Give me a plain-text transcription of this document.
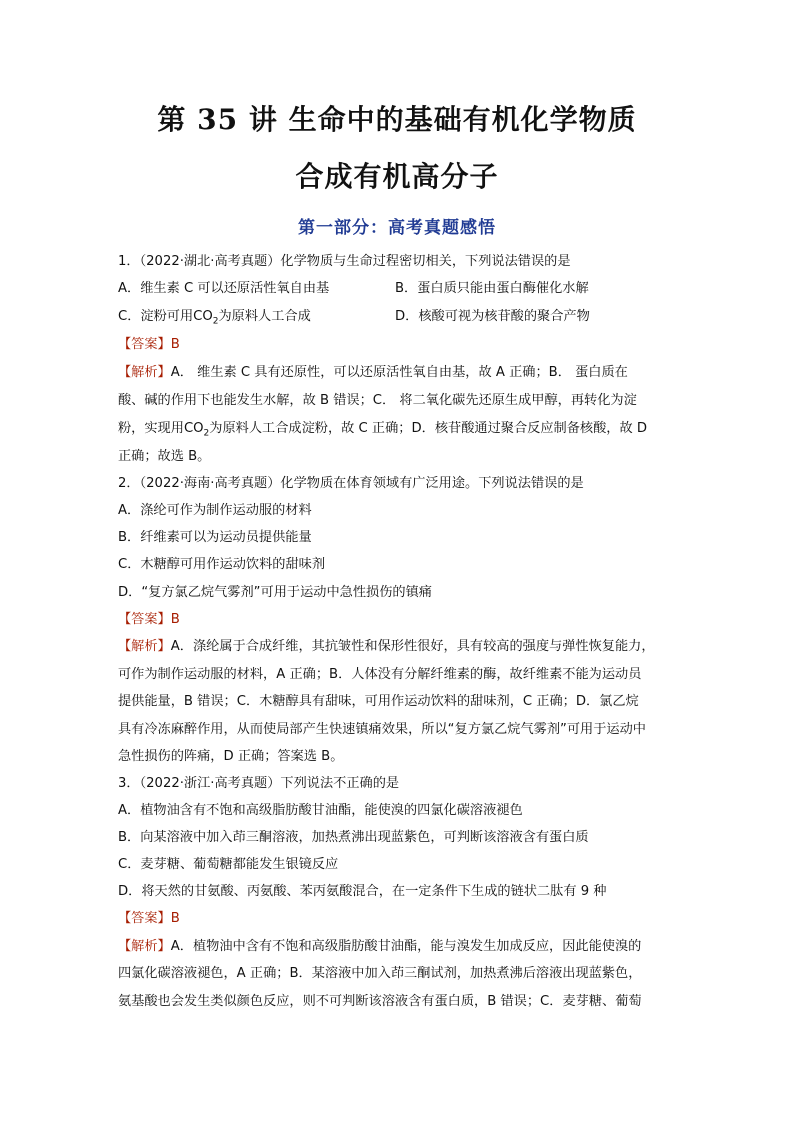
第 35 讲 生命中的基础有机化学物质
合成有机高分子
第一部分：高考真题感悟
1．（2022·湖北·高考真题）化学物质与生命过程密切相关，下列说法错误的是
A．维生素 C 可以还原活性氧自由基	B．蛋白质只能由蛋白酶催化水解
C．淀粉可用$CO_2$为原料人工合成	D．核酸可视为核苷酸的聚合产物
【答案】B
【解析】A． 维生素 C 具有还原性，可以还原活性氧自由基，故 A 正确；B． 蛋白质在
酸、碱的作用下也能发生水解，故 B 错误；C． 将二氧化碳先还原生成甲醇，再转化为淀
粉，实现用$CO_2$为原料人工合成淀粉，故 C 正确；D．核苷酸通过聚合反应制备核酸，故 D
正确；故选 B。
2．（2022·海南·高考真题）化学物质在体育领域有广泛用途。下列说法错误的是
A．涤纶可作为制作运动服的材料
B．纤维素可以为运动员提供能量
C．木糖醇可用作运动饮料的甜味剂
D．“复方氯乙烷气雾剂”可用于运动中急性损伤的镇痛
【答案】B
【解析】A．涤纶属于合成纤维，其抗皱性和保形性很好，具有较高的强度与弹性恢复能力，
可作为制作运动服的材料，A 正确；B．人体没有分解纤维素的酶，故纤维素不能为运动员
提供能量，B 错误；C．木糖醇具有甜味，可用作运动饮料的甜味剂，C 正确；D．氯乙烷
具有冷冻麻醉作用，从而使局部产生快速镇痛效果，所以“复方氯乙烷气雾剂”可用于运动中
急性损伤的阵痛，D 正确；答案选 B。
3．（2022·浙江·高考真题）下列说法不正确的是
A．植物油含有不饱和高级脂肪酸甘油酯，能使溴的四氯化碳溶液褪色
B．向某溶液中加入茚三酮溶液，加热煮沸出现蓝紫色，可判断该溶液含有蛋白质
C．麦芽糖、葡萄糖都能发生银镜反应
D．将天然的甘氨酸、丙氨酸、苯丙氨酸混合，在一定条件下生成的链状二肽有 9 种
【答案】B
【解析】A．植物油中含有不饱和高级脂肪酸甘油酯，能与溴发生加成反应，因此能使溴的
四氯化碳溶液褪色，A 正确；B．某溶液中加入茚三酮试剂，加热煮沸后溶液出现蓝紫色，
氨基酸也会发生类似颜色反应，则不可判断该溶液含有蛋白质，B 错误；C．麦芽糖、葡萄
